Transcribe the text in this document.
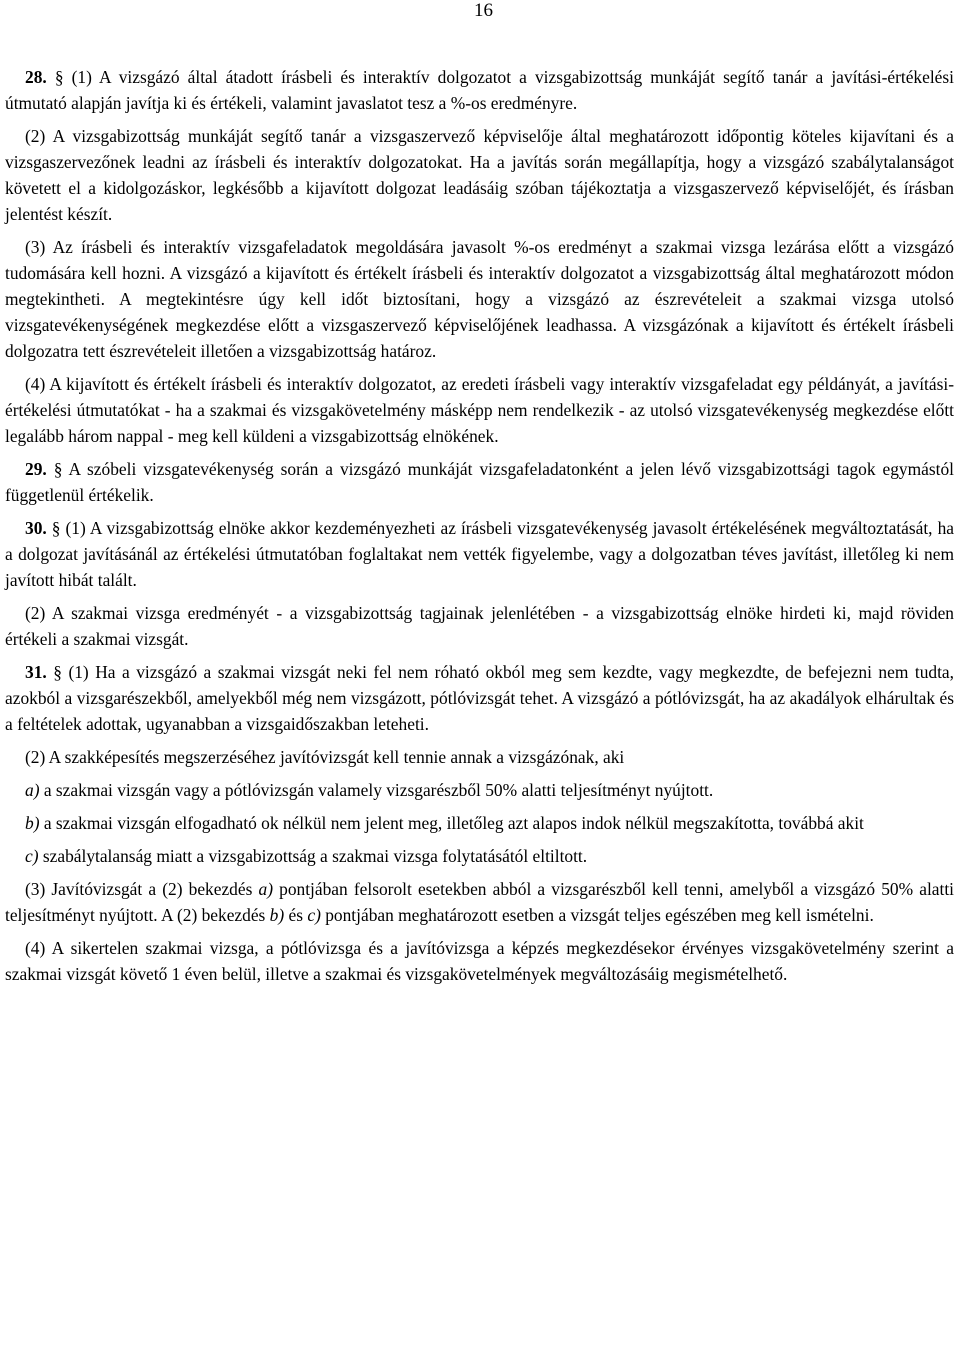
16

28. § (1) A vizsgázó által átadott írásbeli és interaktív dolgozatot a vizsgabizottság munkáját segítő tanár a javítási-értékelési útmutató alapján javítja ki és értékeli, valamint javaslatot tesz a %-os eredményre.

(2) A vizsgabizottság munkáját segítő tanár a vizsgaszervező képviselője által meghatározott időpontig köteles kijavítani és a vizsgaszervezőnek leadni az írásbeli és interaktív dolgozatokat. Ha a javítás során megállapítja, hogy a vizsgázó szabálytalanságot követett el a kidolgozáskor, legkésőbb a kijavított dolgozat leadásáig szóban tájékoztatja a vizsgaszervező képviselőjét, és írásban jelentést készít.

(3) Az írásbeli és interaktív vizsgafeladatok megoldására javasolt %-os eredményt a szakmai vizsga lezárása előtt a vizsgázó tudomására kell hozni. A vizsgázó a kijavított és értékelt írásbeli és interaktív dolgozatot a vizsgabizottság által meghatározott módon megtekintheti. A megtekintésre úgy kell időt biztosítani, hogy a vizsgázó az észrevételeit a szakmai vizsga utolsó vizsgatevékenységének megkezdése előtt a vizsgaszervező képviselőjének leadhassa. A vizsgázónak a kijavított és értékelt írásbeli dolgozatra tett észrevételeit illetően a vizsgabizottság határoz.

(4) A kijavított és értékelt írásbeli és interaktív dolgozatot, az eredeti írásbeli vagy interaktív vizsgafeladat egy példányát, a javítási-értékelési útmutatókat - ha a szakmai és vizsgakövetelmény másképp nem rendelkezik - az utolsó vizsgatevékenység megkezdése előtt legalább három nappal - meg kell küldeni a vizsgabizottság elnökének.

29. § A szóbeli vizsgatevékenység során a vizsgázó munkáját vizsgafeladatonként a jelen lévő vizsgabizottsági tagok egymástól függetlenül értékelik.

30. § (1) A vizsgabizottság elnöke akkor kezdeményezheti az írásbeli vizsgatevékenység javasolt értékelésének megváltoztatását, ha a dolgozat javításánál az értékelési útmutatóban foglaltakat nem vették figyelembe, vagy a dolgozatban téves javítást, illetőleg ki nem javított hibát talált.

(2) A szakmai vizsga eredményét - a vizsgabizottság tagjainak jelenlétében - a vizsgabizottság elnöke hirdeti ki, majd röviden értékeli a szakmai vizsgát.

31. § (1) Ha a vizsgázó a szakmai vizsgát neki fel nem róható okból meg sem kezdte, vagy megkezdte, de befejezni nem tudta, azokból a vizsgarészekből, amelyekből még nem vizsgázott, pótlóvizsgát tehet. A vizsgázó a pótlóvizsgát, ha az akadályok elhárultak és a feltételek adottak, ugyanabban a vizsgaidőszakban leteheti.

(2) A szakképesítés megszerzéséhez javítóvizsgát kell tennie annak a vizsgázónak, aki

a) a szakmai vizsgán vagy a pótlóvizsgán valamely vizsgarészből 50% alatti teljesítményt nyújtott.

b) a szakmai vizsgán elfogadható ok nélkül nem jelent meg, illetőleg azt alapos indok nélkül megszakította, továbbá akit

c) szabálytalanság miatt a vizsgabizottság a szakmai vizsga folytatásától eltiltott.

(3) Javítóvizsgát a (2) bekezdés a) pontjában felsorolt esetekben abból a vizsgarészből kell tenni, amelyből a vizsgázó 50% alatti teljesítményt nyújtott. A (2) bekezdés b) és c) pontjában meghatározott esetben a vizsgát teljes egészében meg kell ismételni.

(4) A sikertelen szakmai vizsga, a pótlóvizsga és a javítóvizsga a képzés megkezdésekor érvényes vizsgakövetelmény szerint a szakmai vizsgát követő 1 éven belül, illetve a szakmai és vizsgakövetelmények megváltozásáig megismételhető.
